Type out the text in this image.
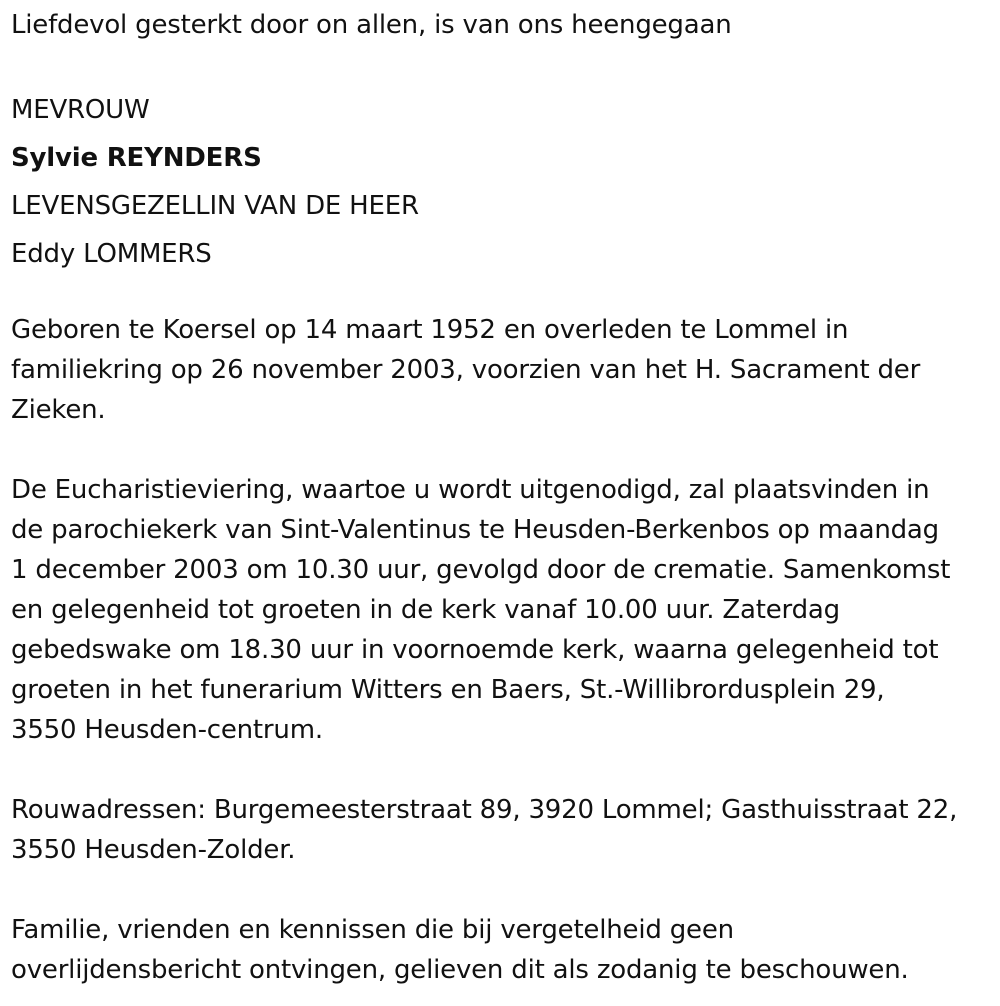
Liefdevol gesterkt door on allen, is van ons heengegaan

MEVROUW

Sylvie REYNDERS

LEVENSGEZELLIN VAN DE HEER

Eddy LOMMERS

Geboren te Koersel op 14 maart 1952 en overleden te Lommel in

familiekring op 26 november 2003, voorzien van het H. Sacrament der

Zieken.

De Eucharistieviering, waartoe u wordt uitgenodigd, zal plaatsvinden in

de parochiekerk van Sint-Valentinus te Heusden-Berkenbos op maandag

1 december 2003 om 10.30 uur, gevolgd door de crematie. Samenkomst

en gelegenheid tot groeten in de kerk vanaf 10.00 uur. Zaterdag

gebedswake om 18.30 uur in voornoemde kerk, waarna gelegenheid tot

groeten in het funerarium Witters en Baers, St.-Willibrordusplein 29,

3550 Heusden-centrum.

Rouwadressen: Burgemeesterstraat 89, 3920 Lommel; Gasthuisstraat 22,

3550 Heusden-Zolder.

Familie, vrienden en kennissen die bij vergetelheid geen

overlijdensbericht ontvingen, gelieven dit als zodanig te beschouwen.
